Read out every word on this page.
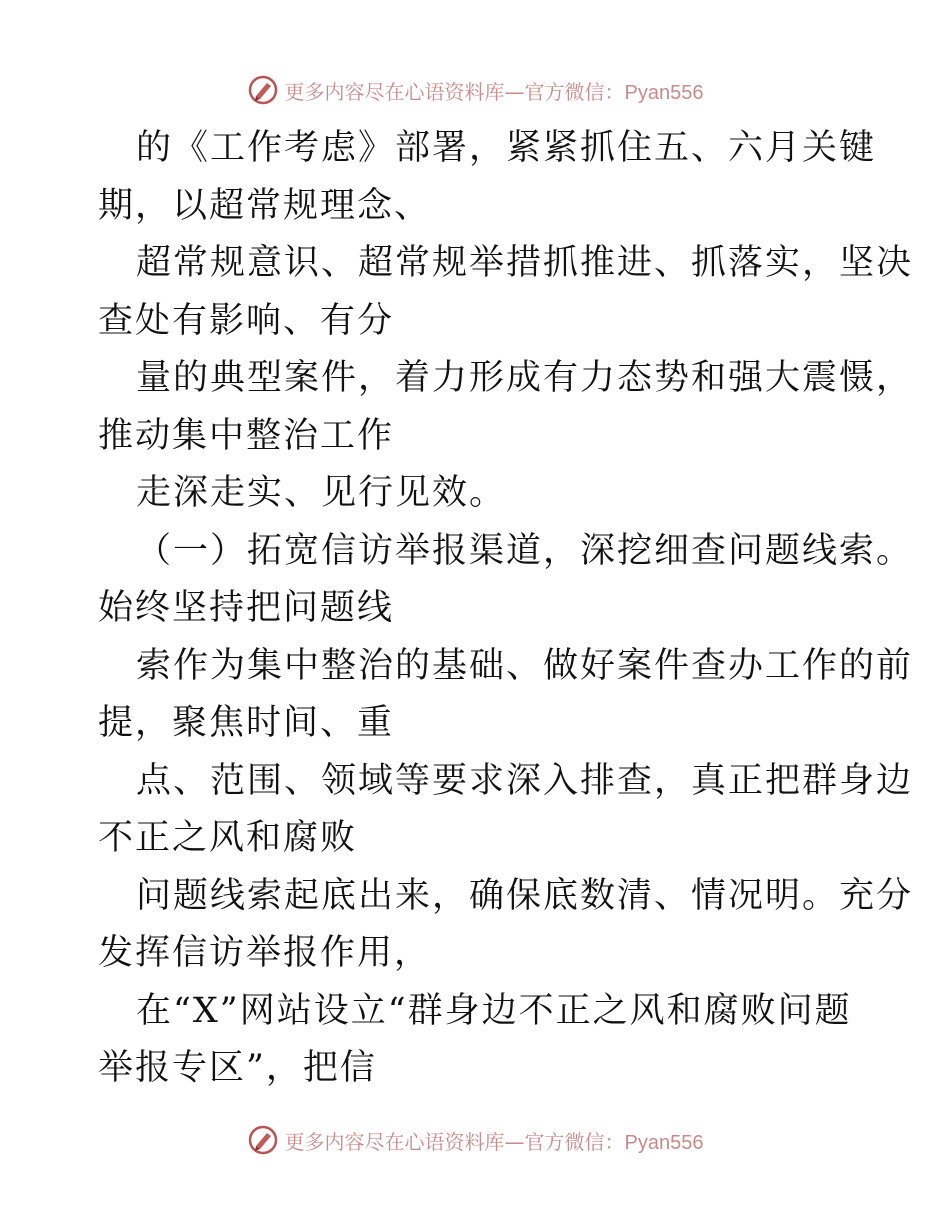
更多内容尽在心语资料库—官方微信：Pyan556
的《工作考虑》部署，紧紧抓住五、六月关键
期，以超常规理念、
超常规意识、超常规举措抓推进、抓落实，坚决
查处有影响、有分
量的典型案件，着力形成有力态势和强大震慑，
推动集中整治工作
走深走实、见行见效。
（一）拓宽信访举报渠道，深挖细查问题线索。
始终坚持把问题线
索作为集中整治的基础、做好案件查办工作的前
提，聚焦时间、重
点、范围、领域等要求深入排查，真正把群身边
不正之风和腐败
问题线索起底出来，确保底数清、情况明。充分
发挥信访举报作用，
在“X”网站设立“群身边不正之风和腐败问题
举报专区”，把信
更多内容尽在心语资料库—官方微信：Pyan556
